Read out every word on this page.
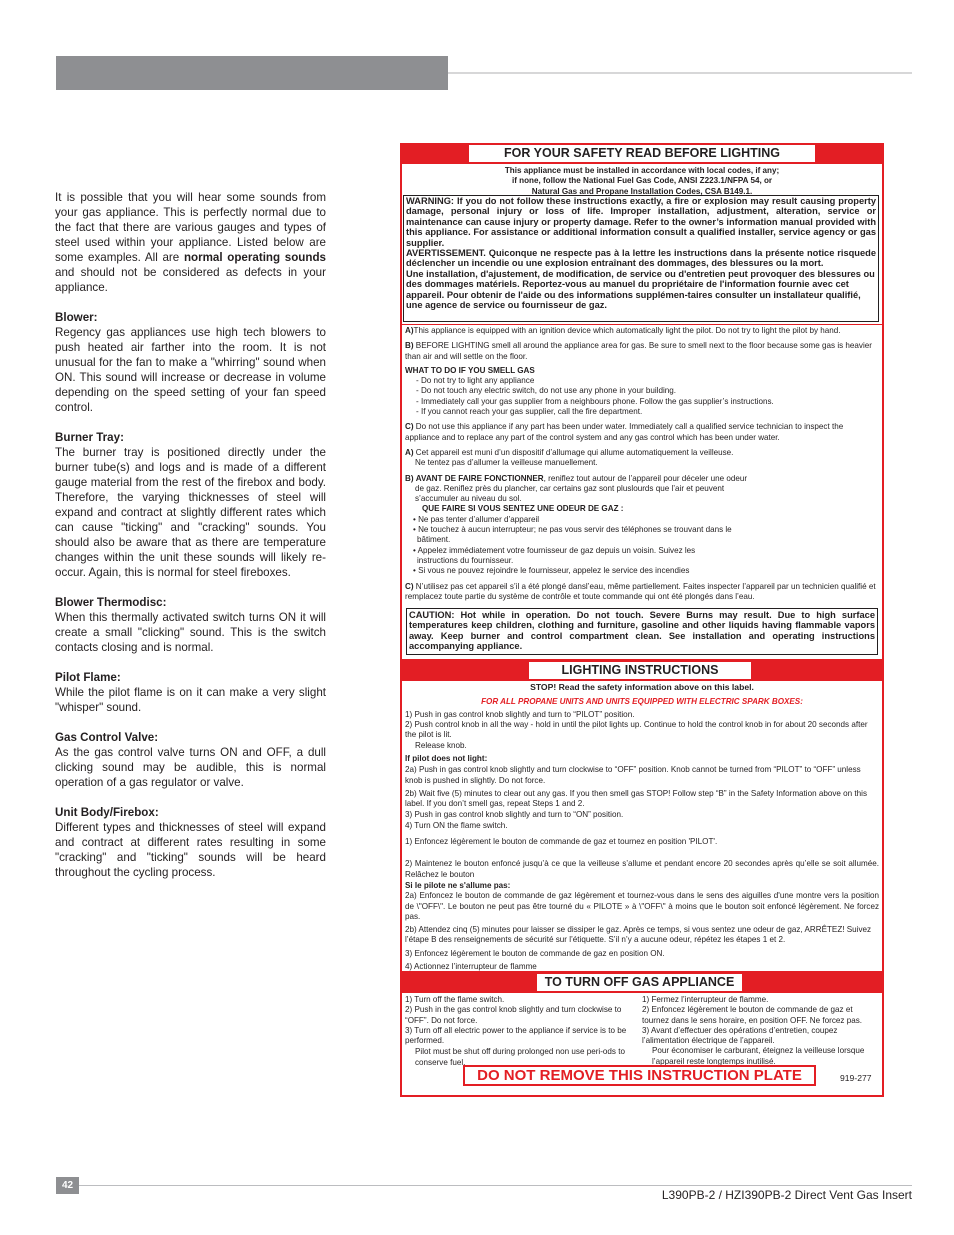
It is possible that you will hear some sounds from your gas appliance. This is perfectly normal due to the fact that there are various gauges and types of steel used within your appliance. Listed below are some examples. All are normal operating sounds and should not be considered as defects in your appliance.

Blower:
Regency gas appliances use high tech blowers to push heated air farther into the room. It is not unusual for the fan to make a "whirring" sound when ON. This sound will increase or decrease in volume depending on the speed setting of your fan speed control.

Burner Tray:
The burner tray is positioned directly under the burner tube(s) and logs and is made of a different gauge material from the rest of the firebox and body. Therefore, the varying thicknesses of steel will expand and contract at slightly different rates which can cause "ticking" and "cracking" sounds. You should also be aware that as there are temperature changes within the unit these sounds will likely re-occur. Again, this is normal for steel fireboxes.

Blower Thermodisc:
When this thermally activated switch turns ON it will create a small "clicking" sound. This is the switch contacts closing and is normal.

Pilot Flame:
While the pilot flame is on it can make a very slight "whisper" sound.

Gas Control Valve:
As the gas control valve turns ON and OFF, a dull clicking sound may be audible, this is normal operation of a gas regulator or valve.

Unit Body/Firebox:
Different types and thicknesses of steel will expand and contract at different rates resulting in some "cracking" and "ticking" sounds will be heard throughout the cycling process.

FOR YOUR SAFETY READ BEFORE LIGHTING
This appliance must be installed in accordance with local codes, if any;
if none, follow the National Fuel Gas Code, ANSI Z223.1/NFPA 54, or
Natural Gas and Propane Installation Codes, CSA B149.1.
WARNING: If you do not follow these instructions exactly, a fire or explosion may result causing property damage, personal injury or loss of life. Improper installation, adjustment, alteration, service or maintenance can cause injury or property damage. Refer to the owner’s information manual provided with this appliance. For assistance or additional information consult a qualified installer, service agency or gas supplier.
AVERTISSEMENT. Quiconque ne respecte pas à la lettre les instructions dans la présente notice risquede déclencher un incendie ou une explosion entraînant des dommages, des blessures ou la mort.
Une installation, d'ajustement, de modification, de service ou d'entretien peut provoquer des blessures ou des dommages matériels. Reportez-vous au manuel du propriétaire de l'information fournie avec cet appareil. Pour obtenir de l'aide ou des informations supplémen-taires consulter un installateur qualifié, une agence de service ou fournisseur de gaz.
A)This appliance is equipped with an ignition device which automatically light the pilot. Do not try to light the pilot by hand.
B) BEFORE LIGHTING smell all around the appliance area for gas. Be sure to smell next to the floor because some gas is heavier than air and will settle on the floor.
WHAT TO DO IF YOU SMELL GAS
- Do not try to light any appliance
- Do not touch any electric switch, do not use any phone in your building.
- Immediately call your gas supplier from a neighbours phone. Follow the gas supplier’s instructions.
- If you cannot reach your gas supplier, call the fire department.
C) Do not use this appliance if any part has been under water. Immediately call a qualified service technician to inspect the appliance and to replace any part of the control system and any gas control which has been under water.
A) Cet appareil est muni d’un dispositif d’allumage qui allume automatiquement la veilleuse.
Ne tentez pas d’allumer la veilleuse manuellement.
B) AVANT DE FAIRE FONCTIONNER, reniflez tout autour de l’appareil pour déceler une odeur
de gaz. Reniflez près du plancher, car certains gaz sont pluslourds que l’air et peuvent
s’accumuler au niveau du sol.
QUE FAIRE SI VOUS SENTEZ UNE ODEUR DE GAZ :
• Ne pas tenter d’allumer d’appareil
• Ne touchez à aucun interrupteur; ne pas vous servir des téléphones se trouvant dans le
bâtiment.
• Appelez immédiatement votre fournisseur de gaz depuis un voisin. Suivez les
instructions du fournisseur.
• Si vous ne pouvez rejoindre le fournisseur, appelez le service des incendies
C) N’utilisez pas cet appareil s’il a été plongé dansl’eau, même partiellement. Faites inspecter l’appareil par un technicien qualifié et remplacez toute partie du système de contrôle et toute commande qui ont été plongés dans l’eau.
CAUTION: Hot while in operation. Do not touch. Severe Burns may result. Due to high surface temperatures keep children, clothing and furniture, gasoline and other liquids having flammable vapors away. Keep burner and control compartment clean. See installation and operating instructions accompanying appliance.
LIGHTING INSTRUCTIONS
STOP! Read the safety information above on this label.
FOR ALL PROPANE UNITS AND UNITS EQUIPPED WITH ELECTRIC SPARK BOXES:
1) Push in gas control knob slightly and turn to “PILOT” position.
2) Push control knob in all the way - hold in until the pilot lights up. Continue to hold the control knob in for about 20 seconds after the pilot is lit.
Release knob.
If pilot does not light:
2a) Push in gas control knob slightly and turn clockwise to “OFF” position. Knob cannot be turned from “PILOT” to “OFF” unless knob is pushed in slightly. Do not force.
2b) Wait five (5) minutes to clear out any gas. If you then smell gas STOP! Follow step “B” in the Safety Information above on this label. If you don’t smell gas, repeat Steps 1 and 2.
3) Push in gas control knob slightly and turn to “ON” position.
4) Turn ON the flame switch.
1) Enfoncez légèrement le bouton de commande de gaz et tournez en position 'PILOT'.
2) Maintenez le bouton enfoncé jusqu’à ce que la veilleuse s’allume et pendant encore 20 secondes après qu’elle se soit allumée. Relâchez le bouton
Si le pilote ne s'allume pas:
2a) Enfoncez le bouton de commande de gaz légèrement et tournez-vous dans le sens des aiguilles d'une montre vers la position de \"OFF\". Le bouton ne peut pas être tourné du « PILOTE » à \"OFF\" à moins que le bouton soit enfoncé légèrement. Ne forcez pas.
2b) Attendez cinq (5) minutes pour laisser se dissiper le gaz. Après ce temps, si vous sentez une odeur de gaz, ARRÊTEZ! Suivez l’étape B des renseignements de sécurité sur l’étiquette. S’il n’y a aucune odeur, répétez les étapes 1 et 2.
3) Enfoncez légèrement le bouton de commande de gaz en position ON.
4) Actionnez l’interrupteur de flamme
TO TURN OFF GAS APPLIANCE
1) Turn off the flame switch.
2) Push in the gas control knob slightly and turn clockwise to “OFF”. Do not force.
3) Turn off all electric power to the appliance if service is to be performed.
Pilot must be shut off during prolonged non use peri-ods to conserve fuel.
1) Fermez l’interrupteur de flamme.
2) Enfoncez légèrement le bouton de commande de gaz et tournez dans le sens horaire, en position OFF. Ne forcez pas.
3) Avant d’effectuer des opérations d’entretien, coupez l’alimentation électrique de l’appareil.
Pour économiser le carburant, éteignez la veilleuse lorsque l’appareil reste longtemps inutilisé.
DO NOT REMOVE THIS INSTRUCTION PLATE	919-277
42
L390PB-2 / HZI390PB-2 Direct Vent Gas Insert
